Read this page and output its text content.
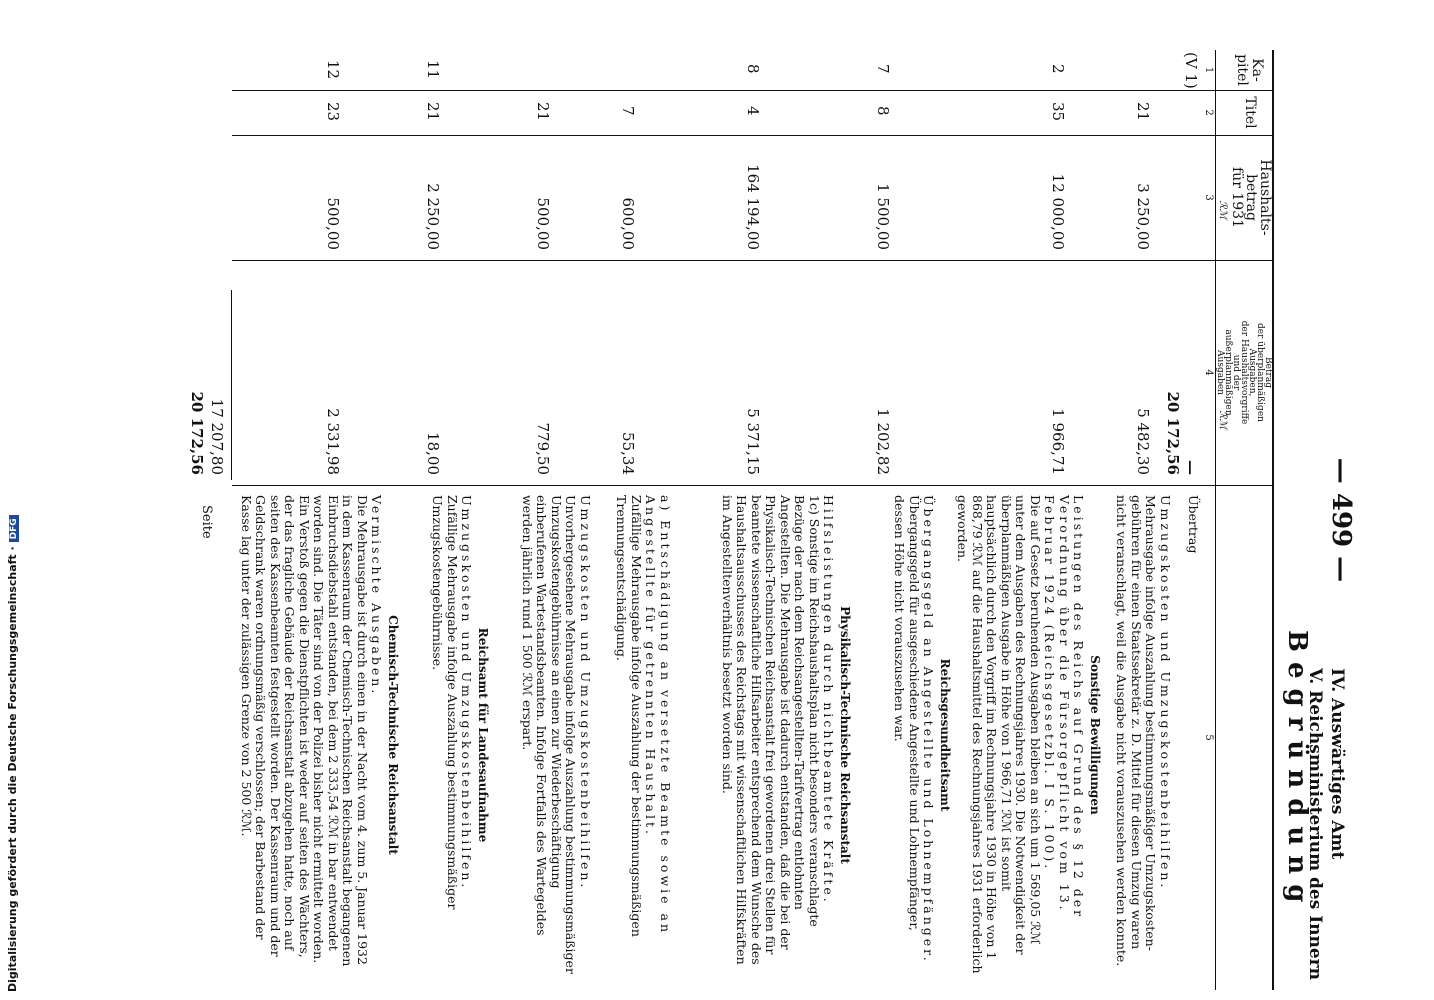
— 499 —
IV. Auswärtiges Amt
V. Reichsministerium des Innern
Begründung
Ka-
pitel
Titel
Haushalts-
betrag
für 1931
Betrag
der überplanmäßigen
Ausgaben,
der Haushaltsvorgriffe
und der
außerplanmäßigen
Ausgaben
1
2
3
4
5
ℛℳ
ℛℳ
(V 1)
—
20 172,56
21
3 250,00
5 482,30
2
35
12 000,00
1 966,71
7
8
1 500,00
1 202,82
8
4
164 194,00
5 371,15
7
600,00
55,34
21
500,00
779,50
11
21
2 250,00
18,00
12
23
500,00
2 331,98
17 207,80
20 172,56
Seite	Übertrag
Umzugskosten und Umzugskostenbeihilfen.
Mehrausgabe infolge Auszahlung bestimmungsmäßiger Umzugskosten-gebühren für einen Staatssekretär z. D. Mittel für diesen Umzug waren nicht veranschlagt, weil die Ausgabe nicht vorauszusehen werden konnte.
Sonstige Bewilligungen
Leistungen des Reichs auf Grund des § 12 der Verordnung über die Fürsorgepflicht vom 13. Februar 1924 (Reichsgesetzbl. I S. 100).
Die auf Gesetz beruhenden Ausgaben bleiben an sich um 1 569,05 ℛℳ unter dem Ausgaben des Rechnungsjahres 1930. Die Notwendigkeit der überplanmäßigen Ausgabe in Höhe von 1 966,71 ℛℳ ist somit hauptsächlich durch den Vorgriff im Rechnungsjahre 1930 in Höhe von 1 868,79 ℛℳ auf die Haushaltsmittel des Rechnungsjahres 1931 erforderlich geworden.
Reichsgesundheitsamt
Übergangsgeld an Angestellte und Lohnempfänger.
Übergangsgeld für ausgeschiedene Angestellte und Lohnempfänger, dessen Höhe nicht vorauszusehen war.
Physikalisch-Technische Reichsanstalt
Hilfsleistungen durch nichtbeamtete Kräfte.
1c) Sonstige im Reichshaushaltsplan nicht besonders veranschlagte Bezüge der nach dem Reichsangestellten-Tarifvertrag entlohnten Angestellten. Die Mehrausgabe ist dadurch entstanden, daß die bei der Physikalisch-Technischen Reichsanstalt frei gewordenen drei Stellen für beamtete wissenschaftliche Hilfsarbeiter entsprechend dem Wunsche des Haushaltsausschusses des Reichstags mit wissenschaftlichen Hilfskräften im Angestelltenverhältnis besetzt worden sind.
a) Entschädigung an versetzte Beamte sowie an Angestellte für getrennten Haushalt.
Zufällige Mehrausgabe infolge Auszahlung der bestimmungsmäßigen Trennungsentschädigung.
Umzugskosten und Umzugskostenbeihilfen.
Unvorhergesehene Mehrausgabe infolge Auszahlung bestimmungsmäßiger Umzugskostengebührnisse an einen zur Wiederbeschäftigung einberufenen Wartestandsbeamten. Infolge Fortfalls des Wartegeldes werden jährlich rund 1 500 ℛℳ erspart.
Reichsamt für Landesaufnahme
Umzugskosten und Umzugskostenbeihilfen.
Zufällige Mehrausgabe infolge Auszahlung bestimmungsmäßiger Umzugskostengebührnisse.
Chemisch-Technische Reichsanstalt
Vermischte Ausgaben.
Die Mehrausgabe ist durch einen in der Nacht vom 4. zum 5. Januar 1932 in dem Kassenraum der Chemisch-Technischen Reichsanstalt begangenen Einbruchsdiebstahl entstanden, bei dem 2 333,54 ℛℳ in bar entwendet worden sind. Die Täter sind von der Polizei bisher nicht ermittelt worden. Ein Verstoß gegen die Dienstpflichten ist weder auf seiten des Wächters, der das fragliche Gebäude der Reichsanstalt abzugehen hatte, noch auf seiten des Kassenbeamten festgestellt worden. Der Kassenraum und der Geldschrank waren ordnungsmäßig verschlossen; der Barbestand der Kasse lag unter der zulässigen Grenze von 2 500 ℛℳ.
Digitalisierung gefördert durch die Deutsche Forschungsgemeinschaft ·DFG
